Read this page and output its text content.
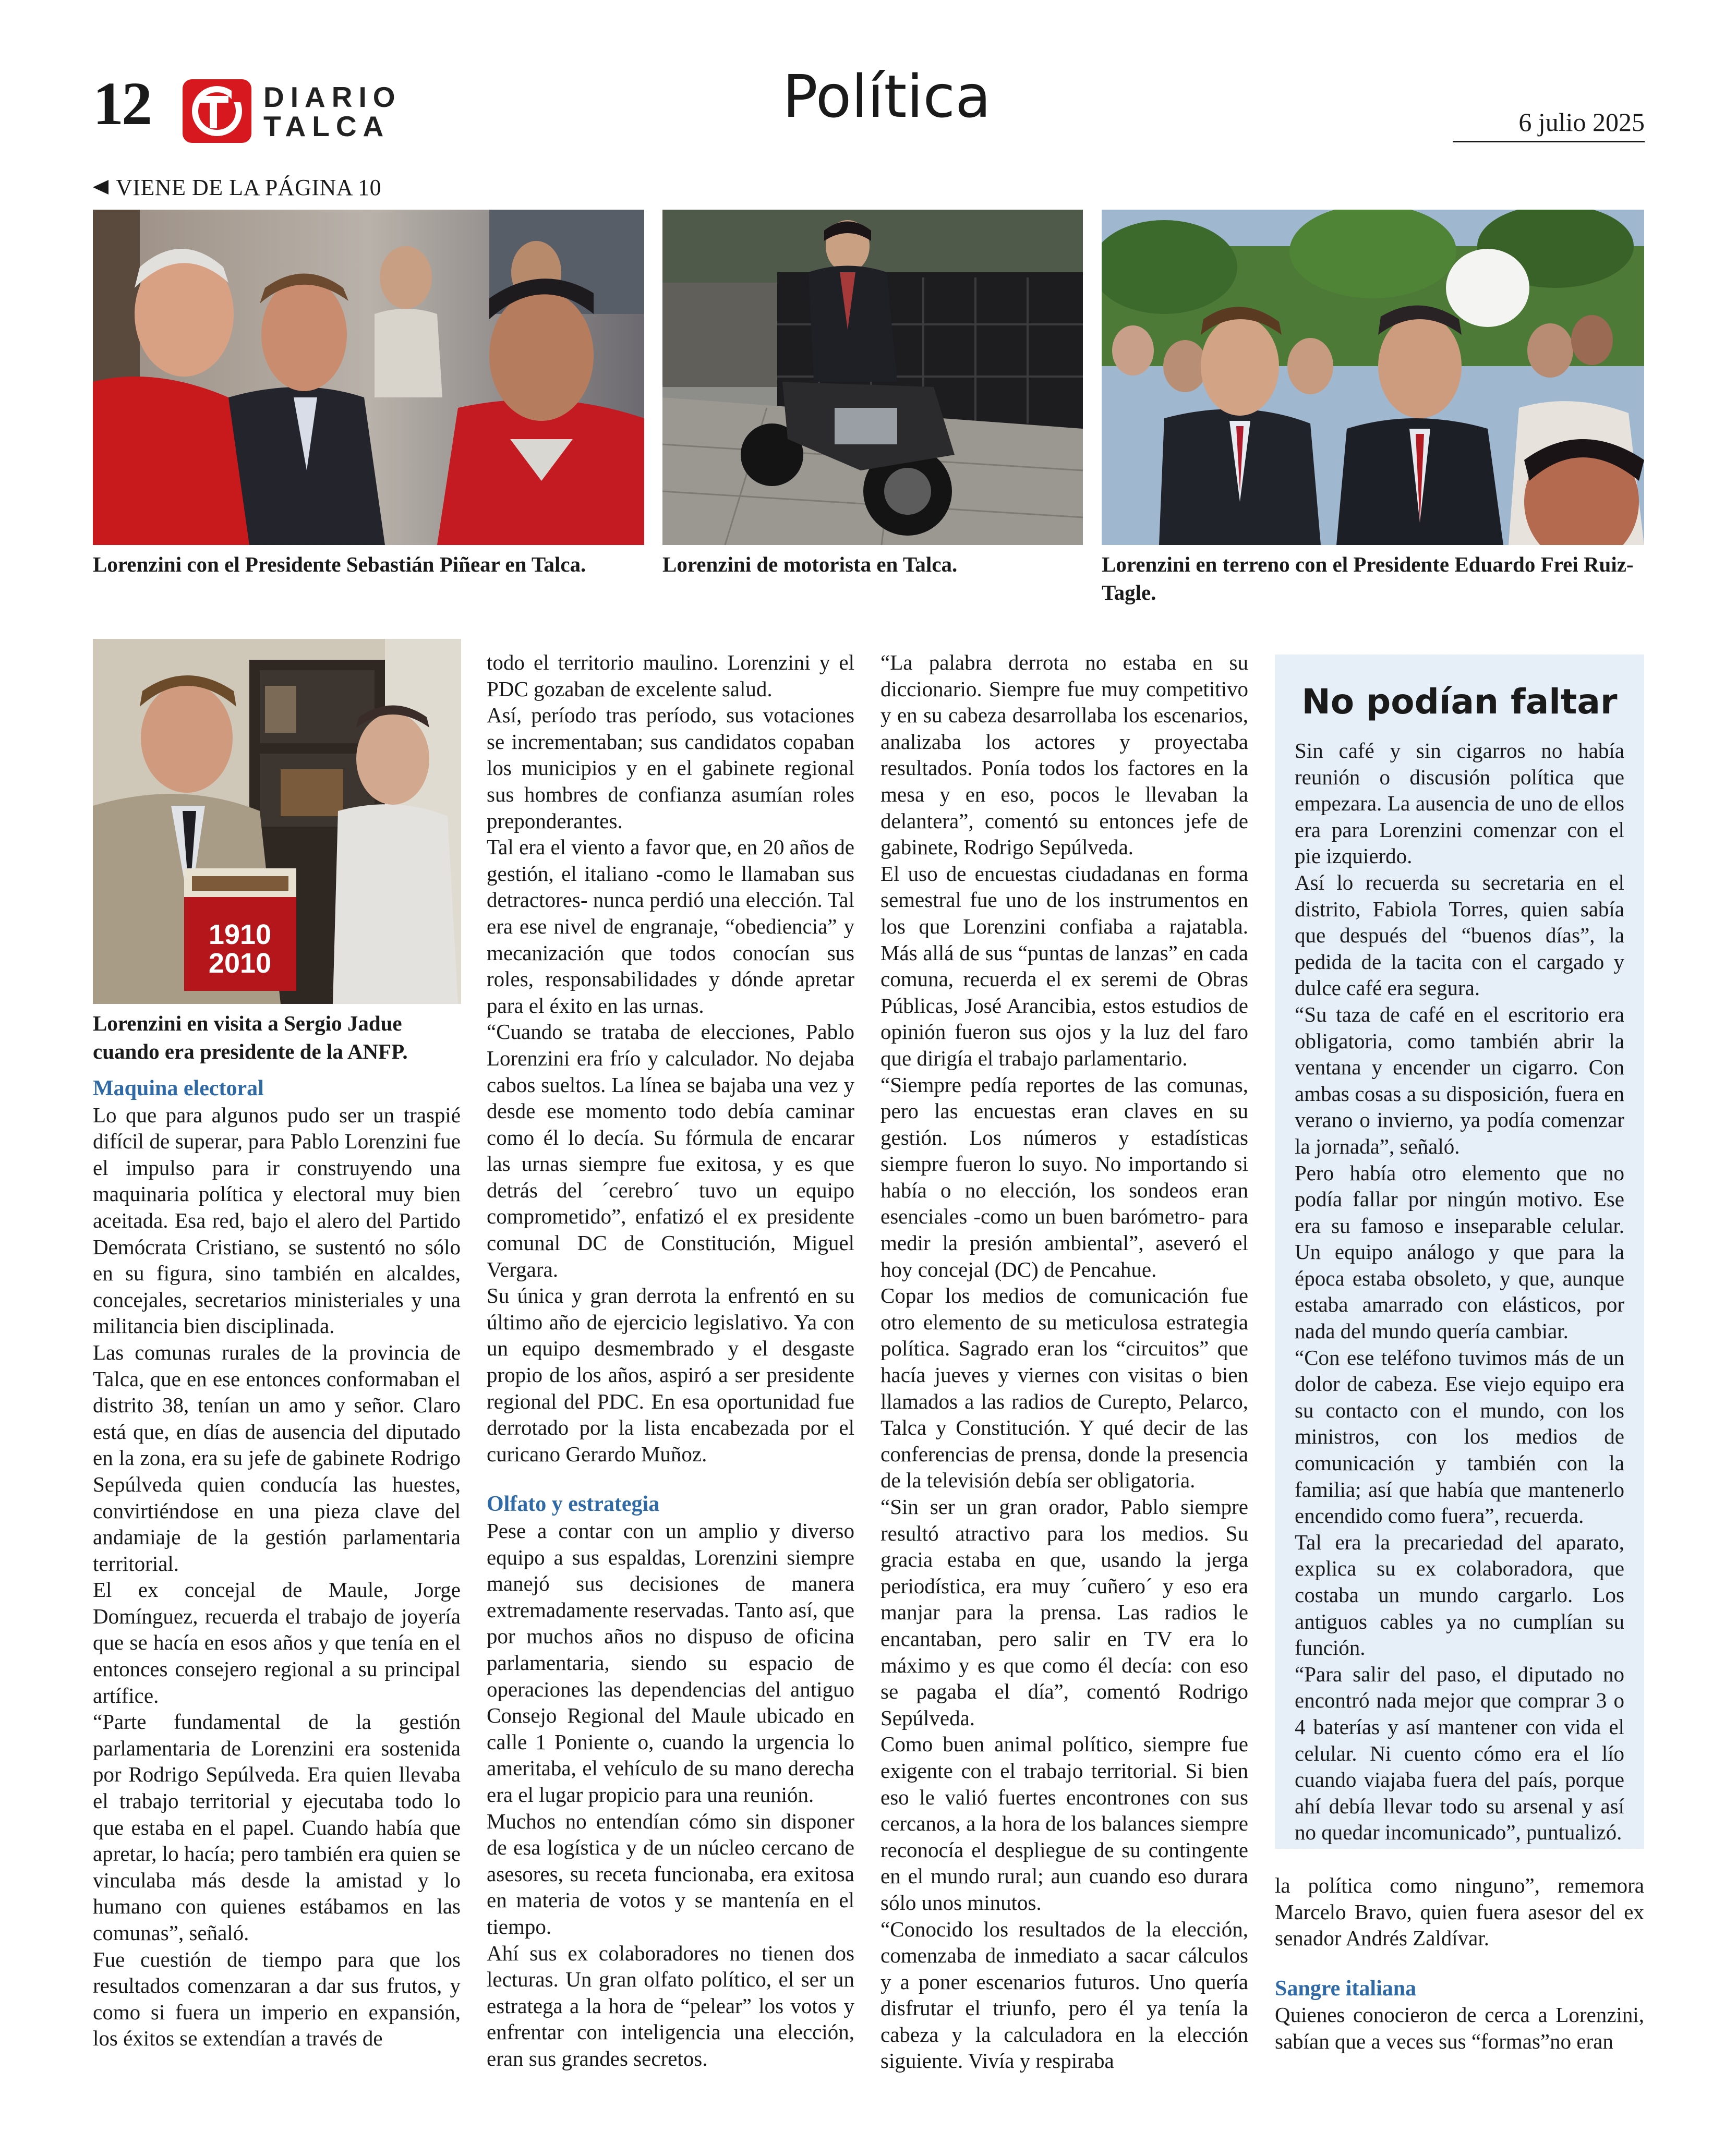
12	DIARIO
TALCA	Política	6 julio 2025
VIENE DE LA PÁGINA 10
Lorenzini con el Presidente Sebastián Piñear en Talca.	Lorenzini de motorista en Talca.	Lorenzini en terreno con el Presidente Eduardo Frei Ruiz-Tagle.
1910
2010
Lorenzini en visita a Sergio Jadue cuando era presidente de la ANFP.

Maquina electoral

Lo que para algunos pudo ser un traspié difícil de superar, para Pablo Lorenzini fue el impulso para ir construyendo una maquinaria política y electoral muy bien aceitada. Esa red, bajo el alero del Partido Demócrata Cristiano, se sustentó no sólo en su figura, sino también en alcaldes, concejales, secretarios ministeriales y una militancia bien disciplinada.

Las comunas rurales de la provincia de Talca, que en ese entonces conformaban el distrito 38, tenían un amo y señor. Claro está que, en días de ausencia del diputado en la zona, era su jefe de gabinete Rodrigo Sepúlveda quien conducía las huestes, convirtiéndose en una pieza clave del andamiaje de la gestión parlamentaria territorial.

El ex concejal de Maule, Jorge Domínguez, recuerda el trabajo de joyería que se hacía en esos años y que tenía en el entonces consejero regional a su principal artífice.

“Parte fundamental de la gestión parlamentaria de Lorenzini era sostenida por Rodrigo Sepúlveda. Era quien llevaba el trabajo territorial y ejecutaba todo lo que estaba en el papel. Cuando había que apretar, lo hacía; pero también era quien se vinculaba más desde la amistad y lo humano con quienes estábamos en las comunas”, señaló.

Fue cuestión de tiempo para que los resultados comenzaran a dar sus frutos, y como si fuera un imperio en expansión, los éxitos se extendían a través de

todo el territorio maulino. Lorenzini y el PDC gozaban de excelente salud.

Así, período tras período, sus votaciones se incrementaban; sus candidatos copaban los municipios y en el gabinete regional sus hombres de confianza asumían roles preponderantes.

Tal era el viento a favor que, en 20 años de gestión, el italiano -como le llamaban sus detractores- nunca perdió una elección. Tal era ese nivel de engranaje, “obediencia” y mecanización que todos conocían sus roles, responsabilidades y dónde apretar para el éxito en las urnas.

“Cuando se trataba de elecciones, Pablo Lorenzini era frío y calculador. No dejaba cabos sueltos. La línea se bajaba una vez y desde ese momento todo debía caminar como él lo decía. Su fórmula de encarar las urnas siempre fue exitosa, y es que detrás del ´cerebro´ tuvo un equipo comprometido”, enfatizó el ex presidente comunal DC de Constitución, Miguel Vergara.

Su única y gran derrota la enfrentó en su último año de ejercicio legislativo. Ya con un equipo desmembrado y el desgaste propio de los años, aspiró a ser presidente regional del PDC. En esa oportunidad fue derrotado por la lista encabezada por el curicano Gerardo Muñoz.

Olfato y estrategia

Pese a contar con un amplio y diverso equipo a sus espaldas, Lorenzini siempre manejó sus decisiones de manera extremadamente reservadas. Tanto así, que por muchos años no dispuso de oficina parlamentaria, siendo su espacio de operaciones las dependencias del antiguo Consejo Regional del Maule ubicado en calle 1 Poniente o, cuando la urgencia lo ameritaba, el vehículo de su mano derecha era el lugar propicio para una reunión.

Muchos no entendían cómo sin disponer de esa logística y de un núcleo cercano de asesores, su receta funcionaba, era exitosa en materia de votos y se mantenía en el tiempo.

Ahí sus ex colaboradores no tienen dos lecturas. Un gran olfato político, el ser un estratega a la hora de “pelear” los votos y enfrentar con inteligencia una elección, eran sus grandes secretos.

“La palabra derrota no estaba en su diccionario. Siempre fue muy competitivo y en su cabeza desarrollaba los escenarios, analizaba los actores y proyectaba resultados. Ponía todos los factores en la mesa y en eso, pocos le llevaban la delantera”, comentó su entonces jefe de gabinete, Rodrigo Sepúlveda.

El uso de encuestas ciudadanas en forma semestral fue uno de los instrumentos en los que Lorenzini confiaba a rajatabla. Más allá de sus “puntas de lanzas” en cada comuna, recuerda el ex seremi de Obras Públicas, José Arancibia, estos estudios de opinión fueron sus ojos y la luz del faro que dirigía el trabajo parlamentario.

“Siempre pedía reportes de las comunas, pero las encuestas eran claves en su gestión. Los números y estadísticas siempre fueron lo suyo. No importando si había o no elección, los sondeos eran esenciales -como un buen barómetro- para medir la presión ambiental”, aseveró el hoy concejal (DC) de Pencahue.

Copar los medios de comunicación fue otro elemento de su meticulosa estrategia política. Sagrado eran los “circuitos” que hacía jueves y viernes con visitas o bien llamados a las radios de Curepto, Pelarco, Talca y Constitución. Y qué decir de las conferencias de prensa, donde la presencia de la televisión debía ser obligatoria.

“Sin ser un gran orador, Pablo siempre resultó atractivo para los medios. Su gracia estaba en que, usando la jerga periodística, era muy ´cuñero´ y eso era manjar para la prensa. Las radios le encantaban, pero salir en TV era lo máximo y es que como él decía: con eso se pagaba el día”, comentó Rodrigo Sepúlveda.

Como buen animal político, siempre fue exigente con el trabajo territorial. Si bien eso le valió fuertes encontrones con sus cercanos, a la hora de los balances siempre reconocía el despliegue de su contingente en el mundo rural; aun cuando eso durara sólo unos minutos.

“Conocido los resultados de la elección, comenzaba de inmediato a sacar cálculos y a poner escenarios futuros. Uno quería disfrutar el triunfo, pero él ya tenía la cabeza y la calculadora en la elección siguiente. Vivía y respiraba

No podían faltar

Sin café y sin cigarros no había reunión o discusión política que empezara. La ausencia de uno de ellos era para Lorenzini comenzar con el pie izquierdo.

Así lo recuerda su secretaria en el distrito, Fabiola Torres, quien sabía que después del “buenos días”, la pedida de la tacita con el cargado y dulce café era segura.

“Su taza de café en el escritorio era obligatoria, como también abrir la ventana y encender un cigarro. Con ambas cosas a su disposición, fuera en verano o invierno, ya podía comenzar la jornada”, señaló.

Pero había otro elemento que no podía fallar por ningún motivo. Ese era su famoso e inseparable celular. Un equipo análogo y que para la época estaba obsoleto, y que, aunque estaba amarrado con elásticos, por nada del mundo quería cambiar.

“Con ese teléfono tuvimos más de un dolor de cabeza. Ese viejo equipo era su contacto con el mundo, con los ministros, con los medios de comunicación y también con la familia; así que había que mantenerlo encendido como fuera”, recuerda.

Tal era la precariedad del aparato, explica su ex colaboradora, que costaba un mundo cargarlo. Los antiguos cables ya no cumplían su función.

“Para salir del paso, el diputado no encontró nada mejor que comprar 3 o 4 baterías y así mantener con vida el celular. Ni cuento cómo era el lío cuando viajaba fuera del país, porque ahí debía llevar todo su arsenal y así no quedar incomunicado”, puntualizó.

la política como ninguno”, rememora Marcelo Bravo, quien fuera asesor del ex senador Andrés Zaldívar.

Sangre italiana

Quienes conocieron de cerca a Lorenzini, sabían que a veces sus “formas”no eran
